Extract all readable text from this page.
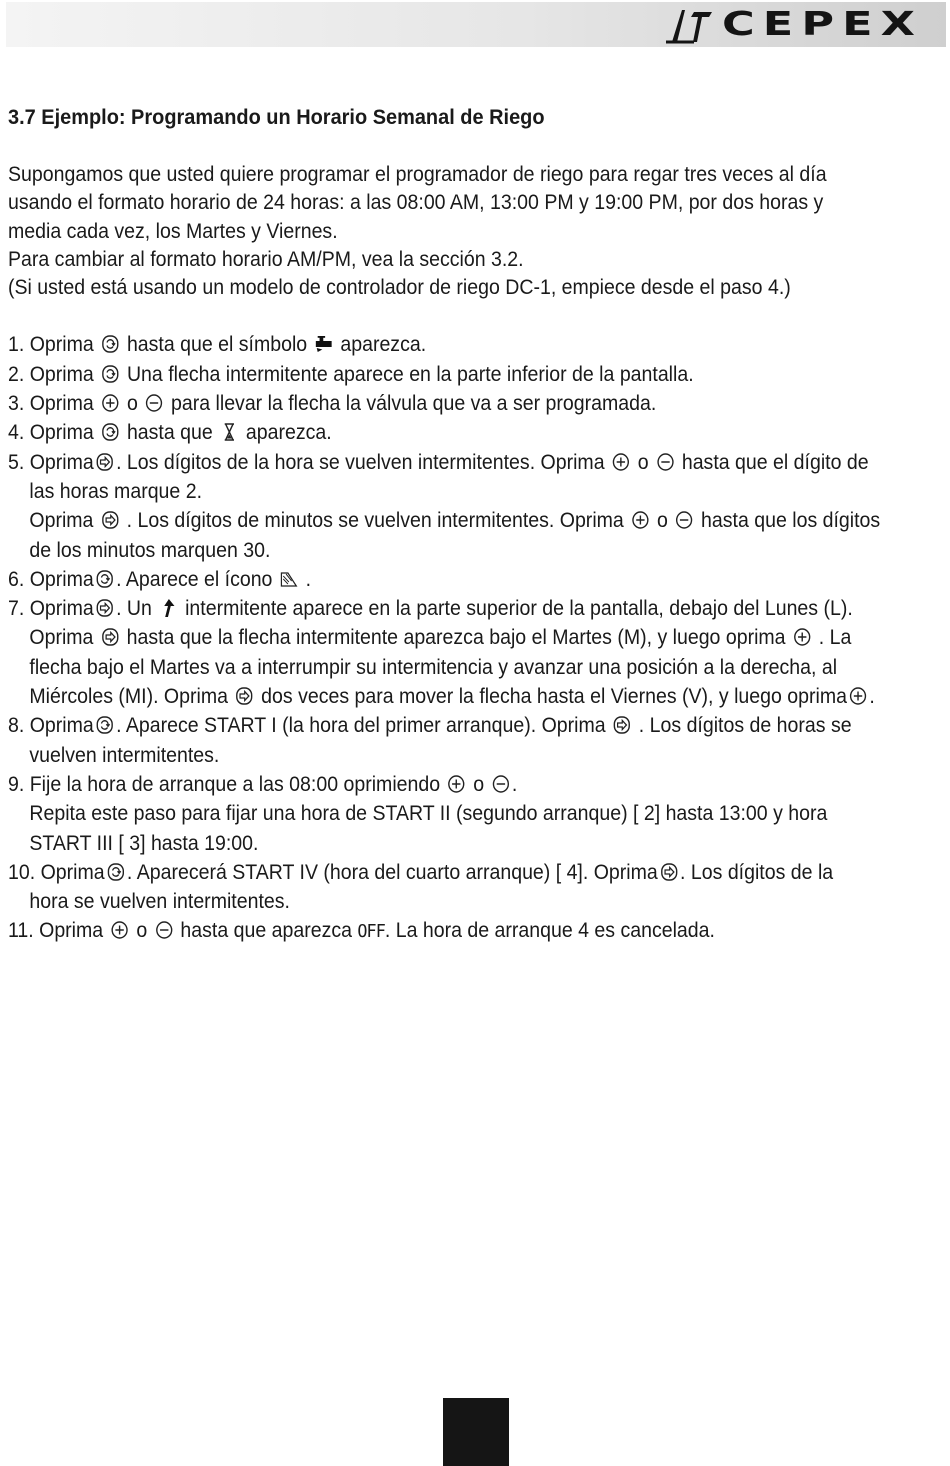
CEPEX
3.7 Ejemplo: Programando un Horario Semanal de Riego

Supongamos que usted quiere programar el programador de riego para regar tres veces al día

usando el formato horario de 24 horas: a las 08:00 AM, 13:00 PM y 19:00 PM, por dos horas y

media cada vez, los Martes y Viernes.

Para cambiar al formato horario AM/PM, vea la sección 3.2.

(Si usted está usando un modelo de controlador de riego DC-1, empiece desde el paso 4.)

1. Oprima hasta que el símbolo aparezca.
2. Oprima Una flecha intermitente aparece en la parte inferior de la pantalla.
3. Oprima o para llevar la flecha la válvula que va a ser programada.
4. Oprima hasta que aparezca.
5. Oprima . Los dígitos de la hora se vuelven intermitentes. Oprima o hasta que el dígito de
las horas marque 2.
Oprima . Los dígitos de minutos se vuelven intermitentes. Oprima o hasta que los dígitos
de los minutos marquen 30.
6. Oprima . Aparece el ícono .
7. Oprima . Un intermitente aparece en la parte superior de la pantalla, debajo del Lunes (L).
Oprima hasta que la flecha intermitente aparezca bajo el Martes (M), y luego oprima . La
flecha bajo el Martes va a interrumpir su intermitencia y avanzar una posición a la derecha, al
Miércoles (MI). Oprima dos veces para mover la flecha hasta el Viernes (V), y luego oprima .
8. Oprima . Aparece START I (la hora del primer arranque). Oprima . Los dígitos de horas se
vuelven intermitentes.
9. Fije la hora de arranque a las 08:00 oprimiendo o .
Repita este paso para fijar una hora de START II (segundo arranque) [ 2] hasta 13:00 y hora
START III [ 3] hasta 19:00.
10. Oprima . Aparecerá START IV (hora del cuarto arranque) [ 4]. Oprima . Los dígitos de la
hora se vuelven intermitentes.
11. Oprima o hasta que aparezca OFF. La hora de arranque 4 es cancelada.
